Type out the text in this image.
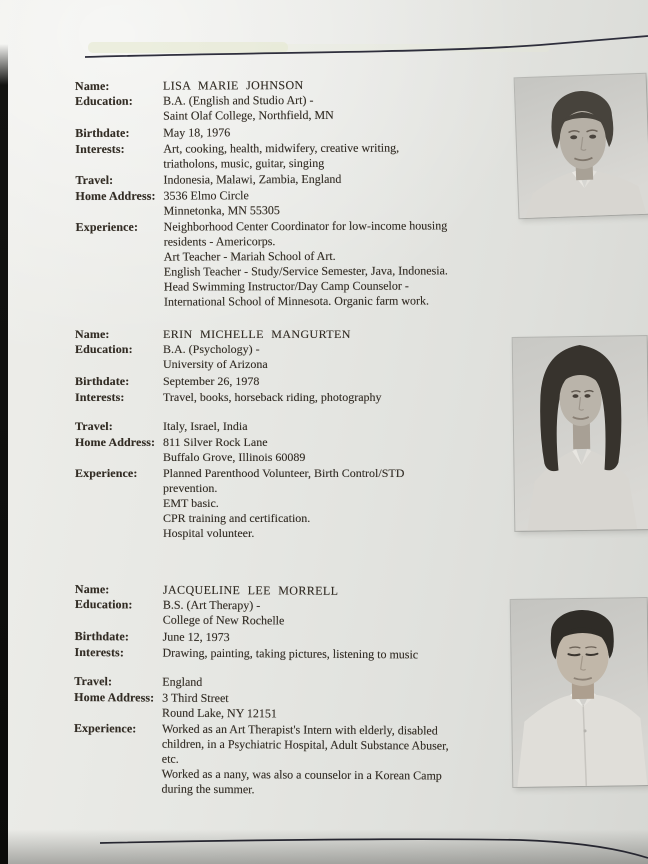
Name:	LISA MARIE JOHNSON
Education:	B.A. (English and Studio Art) -
Saint Olaf College, Northfield, MN
Birthdate:	May 18, 1976
Interests:	Art, cooking, health, midwifery, creative writing,
triatholons, music, guitar, singing
Travel:	Indonesia, Malawi, Zambia, England
Home Address: 3536 Elmo Circle
Minnetonka, MN 55305
Experience:	Neighborhood Center Coordinator for low-income housing
residents - Americorps.
Art Teacher - Mariah School of Art.
English Teacher - Study/Service Semester, Java, Indonesia.
Head Swimming Instructor/Day Camp Counselor -
International School of Minnesota. Organic farm work.
Name:	ERIN MICHELLE MANGURTEN
Education:	B.A. (Psychology) -
University of Arizona
Birthdate:	September 26, 1978
Interests:	Travel, books, horseback riding, photography
Travel:	Italy, Israel, India
Home Address: 811 Silver Rock Lane
Buffalo Grove, Illinois 60089
Experience:	Planned Parenthood Volunteer, Birth Control/STD
prevention.
EMT basic.
CPR training and certification.
Hospital volunteer.
Name:	JACQUELINE LEE MORRELL
Education:	B.S. (Art Therapy) -
College of New Rochelle
Birthdate:	June 12, 1973
Interests:	Drawing, painting, taking pictures, listening to music
Travel:	England
Home Address: 3 Third Street
Round Lake, NY 12151
Experience:	Worked as an Art Therapist's Intern with elderly, disabled
children, in a Psychiatric Hospital, Adult Substance Abuser,
etc.
Worked as a nany, was also a counselor in a Korean Camp
during the summer.
